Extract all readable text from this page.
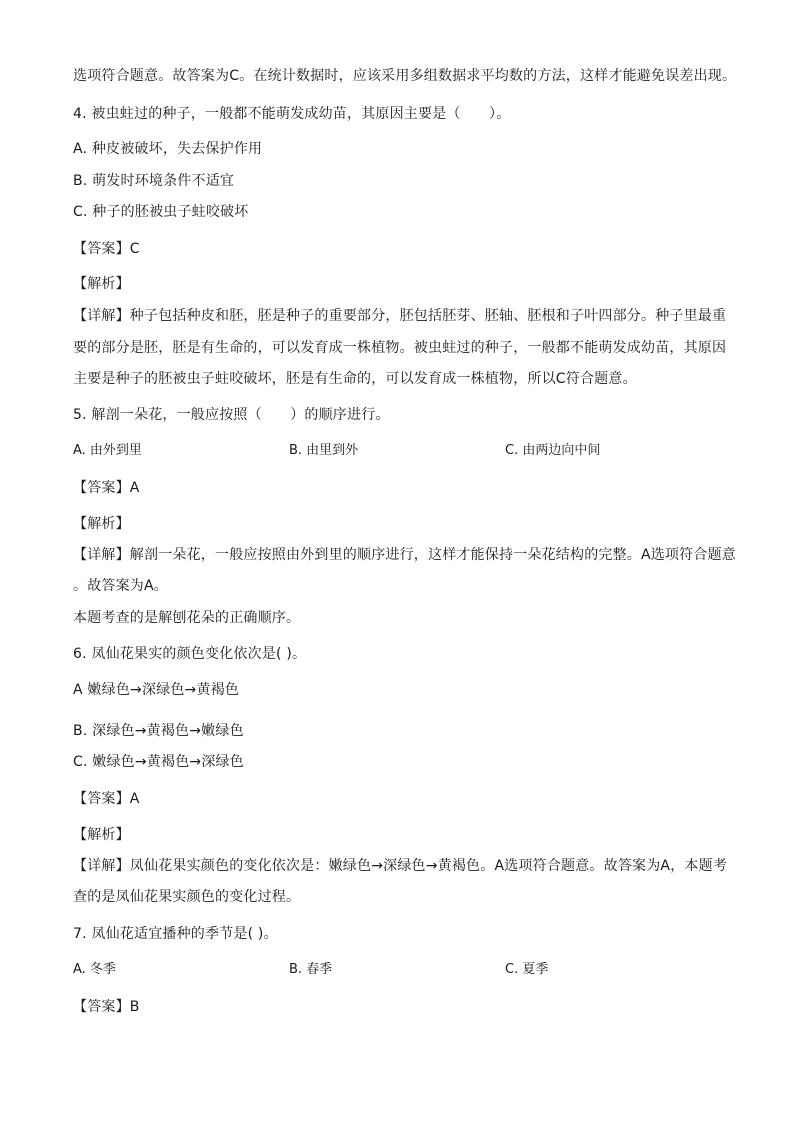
选项符合题意。故答案为C。在统计数据时，应该采用多组数据求平均数的方法，这样才能避免误差出现。
4. 被虫蛀过的种子，一般都不能萌发成幼苗，其原因主要是（　　）。
A. 种皮被破坏，失去保护作用
B. 萌发时环境条件不适宜
C. 种子的胚被虫子蛀咬破坏
【答案】C
【解析】
【详解】种子包括种皮和胚，胚是种子的重要部分，胚包括胚芽、胚轴、胚根和子叶四部分。种子里最重
要的部分是胚，胚是有生命的，可以发育成一株植物。被虫蛀过的种子，一般都不能萌发成幼苗，其原因
主要是种子的胚被虫子蛀咬破坏，胚是有生命的，可以发育成一株植物，所以C符合题意。
5. 解剖一朵花，一般应按照（　　）的顺序进行。
A. 由外到里	B. 由里到外	C. 由两边向中间
【答案】A
【解析】
【详解】解剖一朵花，一般应按照由外到里的顺序进行，这样才能保持一朵花结构的完整。A选项符合题意
。故答案为A。
本题考查的是解刨花朵的正确顺序。
6. 凤仙花果实的颜色变化依次是( )。
A 嫩绿色→深绿色→黄褐色
B. 深绿色→黄褐色→嫩绿色
C. 嫩绿色→黄褐色→深绿色
【答案】A
【解析】
【详解】凤仙花果实颜色的变化依次是：嫩绿色→深绿色→黄褐色。A选项符合题意。故答案为A，本题考
查的是凤仙花果实颜色的变化过程。
7. 凤仙花适宜播种的季节是( )。
A. 冬季	B. 春季	C. 夏季
【答案】B
